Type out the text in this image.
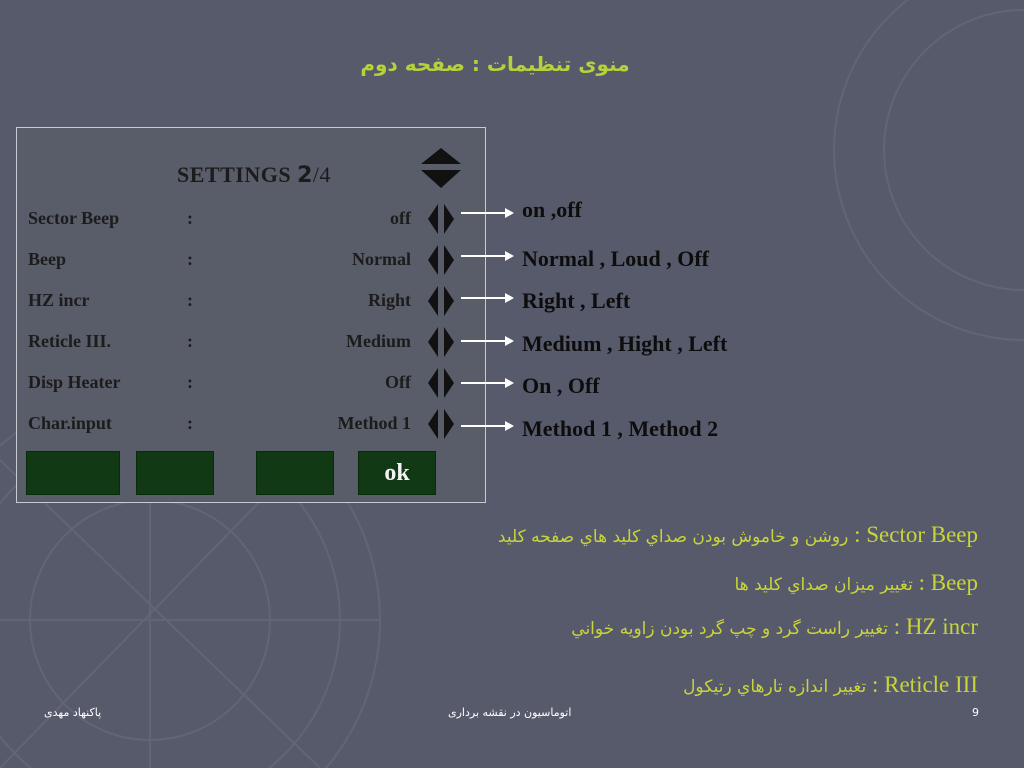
منوی تنظیمات : صفحه دوم
SETTINGS 2/4
Sector Beep	:	off
Beep	:	Normal
HZ incr	:	Right
Reticle III.	:	Medium
Disp Heater	:	Off
Char.input	:	Method 1
ok
on ,off
Normal , Loud , Off
Right , Left
Medium , Hight , Left
On , Off
Method 1 , Method 2
روشن و خاموش بودن صداي كليد هاي صفحه كليد : Sector Beep
تغيير ميزان صداي كليد ها : Beep
تغيير راست گرد و چپ گرد بودن زاويه خواني : HZ incr
تغيير اندازه تارهاي رتيكول : Reticle III
پاکنهاد مهدی	اتوماسیون در نقشه برداری	9
